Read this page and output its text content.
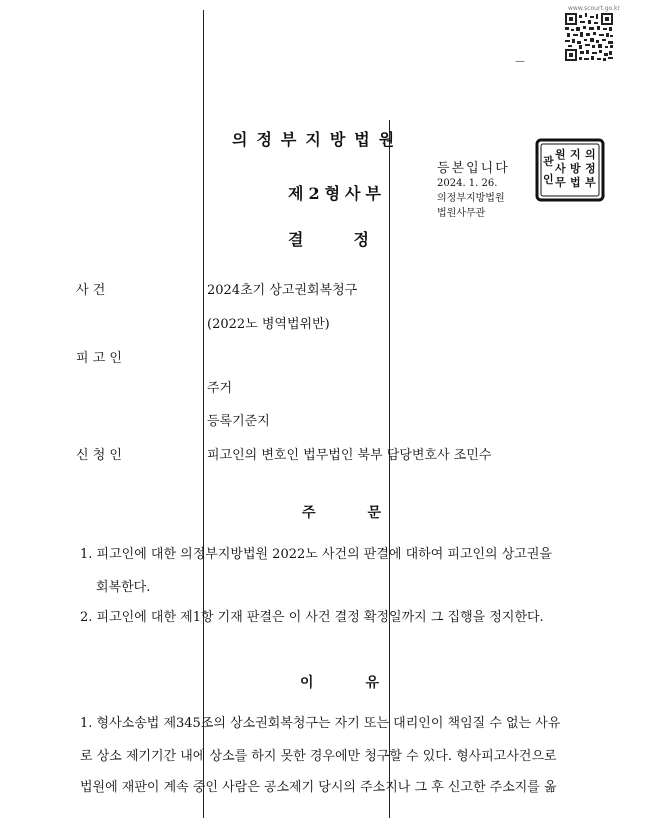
www.scourt.go.kr
—
의정부지방법원
제2형사부
결정
등본입니다
2024. 1. 26.
의정부지방법원
법원사무관
의
정
부
지
방
법
원
사
무
관
인
사 건	2024초기 상고권회복청구
(2022노 병역법위반)
피 고 인
주거
등록기준지
신 청 인	피고인의 변호인 법무법인 북부 담당변호사 조민수
주문
1. 피고인에 대한 의정부지방법원 2022노 사건의 판결에 대하여 피고인의 상고권을
회복한다.
2. 피고인에 대한 제1항 기재 판결은 이 사건 결정 확정일까지 그 집행을 정지한다.
이유
1. 형사소송법 제345조의 상소권회복청구는 자기 또는 대리인이 책임질 수 없는 사유
로 상소 제기기간 내에 상소를 하지 못한 경우에만 청구할 수 있다. 형사피고사건으로
법원에 재판이 계속 중인 사람은 공소제기 당시의 주소지나 그 후 신고한 주소지를 옮
